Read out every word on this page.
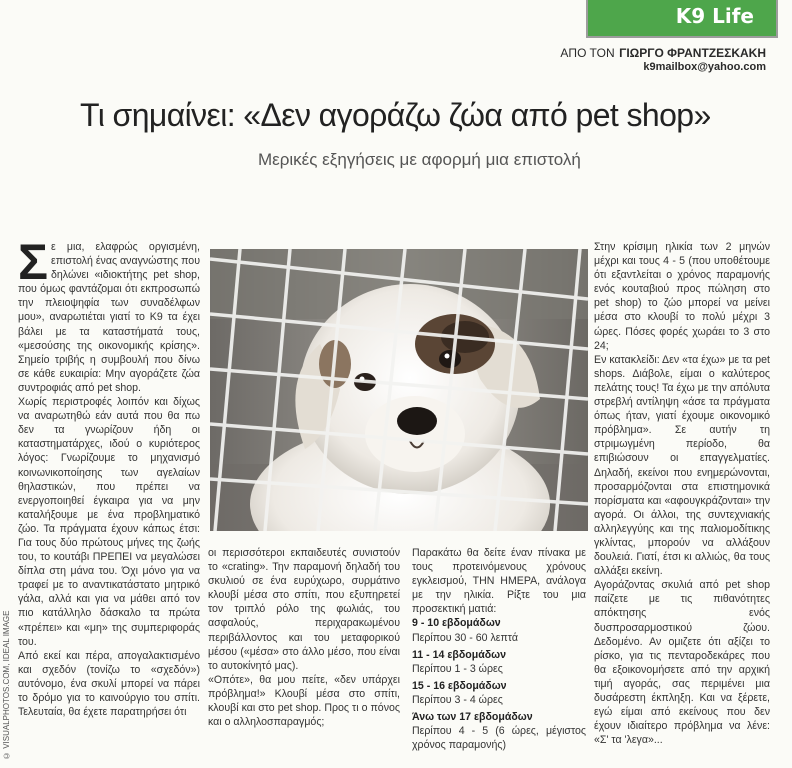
K9 Life
ΑΠΟ ΤΟΝ ΓΙΩΡΓΟ ΦΡΑΝΤΖΕΣΚΑΚΗ
k9mailbox@yahoo.com
Τι σημαίνει: «Δεν αγοράζω ζώα από pet shop»
Μερικές εξηγήσεις με αφορμή μια επιστολή

Σε μια, ελαφρώς οργισμένη, επιστολή ένας αναγνώστης που δηλώνει «ιδιοκτήτης pet shop, που όμως φαντάζομαι ότι εκπροσωπώ την πλειοψηφία των συναδέλφων μου», αναρωτιέται γιατί το Κ9 τα έχει βάλει με τα καταστήματά τους, «μεσούσης της οικονομικής κρίσης». Σημείο τριβής η συμβουλή που δίνω σε κάθε ευκαιρία: Μην αγοράζετε ζώα συντροφιάς από pet shop.

Χωρίς περιστροφές λοιπόν και δίχως να αναρωτηθώ εάν αυτά που θα πω δεν τα γνωρίζουν ήδη οι καταστηματάρχες, ιδού ο κυριότερος λόγος: Γνωρίζουμε το μηχανισμό κοινωνικοποίησης των αγελαίων θηλαστικών, που πρέπει να ενεργοποιηθεί έγκαιρα για να μην καταλήξουμε με ένα προβληματικό ζώο. Τα πράγματα έχουν κάπως έτσι: Για τους δύο πρώτους μήνες της ζωής του, το κουτάβι ΠΡΕΠΕΙ να μεγαλώσει δίπλα στη μάνα του. Όχι μόνο για να τραφεί με το αναντικατάστατο μητρικό γάλα, αλλά και για να μάθει από τον πιο κατάλληλο δάσκαλο τα πρώτα «πρέπει» και «μη» της συμπεριφοράς του.

Από εκεί και πέρα, απογαλακτισμένο και σχεδόν (τονίζω το «σχεδόν») αυτόνομο, ένα σκυλί μπορεί να πάρει το δρόμο για το καινούργιο του σπίτι. Τελευταία, θα έχετε παρατηρήσει ότι

© VISUALPHOTOS.COM, IDEAL IMAGE

οι περισσότεροι εκπαιδευτές συνιστούν το «crating». Την παραμονή δηλαδή του σκυλιού σε ένα ευρύχωρο, συρμάτινο κλουβί μέσα στο σπίτι, που εξυπηρετεί τον τριπλό ρόλο της φωλιάς, του ασφαλούς, περιχαρακωμένου περιβάλλοντος και του μεταφορικού μέσου («μέσα» στο άλλο μέσο, που είναι το αυτοκίνητό μας).

«Οπότε», θα μου πείτε, «δεν υπάρχει πρόβλημα!» Κλουβί μέσα στο σπίτι, κλουβί και στο pet shop. Προς τι ο πόνος και ο αλληλοσπαραγμός;

Παρακάτω θα δείτε έναν πίνακα με τους προτεινόμενους χρόνους εγκλεισμού, ΤΗΝ ΗΜΕΡΑ, ανάλογα με την ηλικία. Ρίξτε του μια προσεκτική ματιά:

9 - 10 εβδομάδων
Περίπου 30 - 60 λεπτά
11 - 14 εβδομάδων
Περίπου 1 - 3 ώρες
15 - 16 εβδομάδων
Περίπου 3 - 4 ώρες
Άνω των 17 εβδομάδων
Περίπου 4 - 5 (6 ώρες, μέγιστος χρόνος παραμονής)

Στην κρίσιμη ηλικία των 2 μηνών μέχρι και τους 4 - 5 (που υποθέτουμε ότι εξαντλείται ο χρόνος παραμονής ενός κουταβιού προς πώληση στο pet shop) το ζώο μπορεί να μείνει μέσα στο κλουβί το πολύ μέχρι 3 ώρες. Πόσες φορές χωράει το 3 στο 24;

Εν κατακλείδι: Δεν «τα έχω» με τα pet shops. Διάβολε, είμαι ο καλύτερος πελάτης τους! Τα έχω με την απόλυτα στρεβλή αντίληψη «άσε τα πράγματα όπως ήταν, γιατί έχουμε οικονομικό πρόβλημα». Σε αυτήν τη στριμωγμένη περίοδο, θα επιβιώσουν οι επαγγελματίες. Δηλαδή, εκείνοι που ενημερώνονται, προσαρμόζονται στα επιστημονικά πορίσματα και «αφουγκράζονται» την αγορά. Οι άλλοι, της συντεχνιακής αλληλεγγύης και της παλιομοδίτικης γκλίντας, μπορούν να αλλάξουν δουλειά. Γιατί, έτσι κι αλλιώς, θα τους αλλάξει εκείνη.

Αγοράζοντας σκυλιά από pet shop παίζετε με τις πιθανότητες απόκτησης ενός δυσπροσαρμοστικού ζώου. Δεδομένο. Αν ομιζετε ότι αξίζει το ρίσκο, για τις πενταροδεκάρες που θα εξοικονομήσετε από την αρχική τιμή αγοράς, σας περιμένει μια δυσάρεστη έκπληξη. Και να ξέρετε, εγώ είμαι από εκείνους που δεν έχουν ιδιαίτερο πρόβλημα να λένε: «Σ' τα 'λεγα»...
